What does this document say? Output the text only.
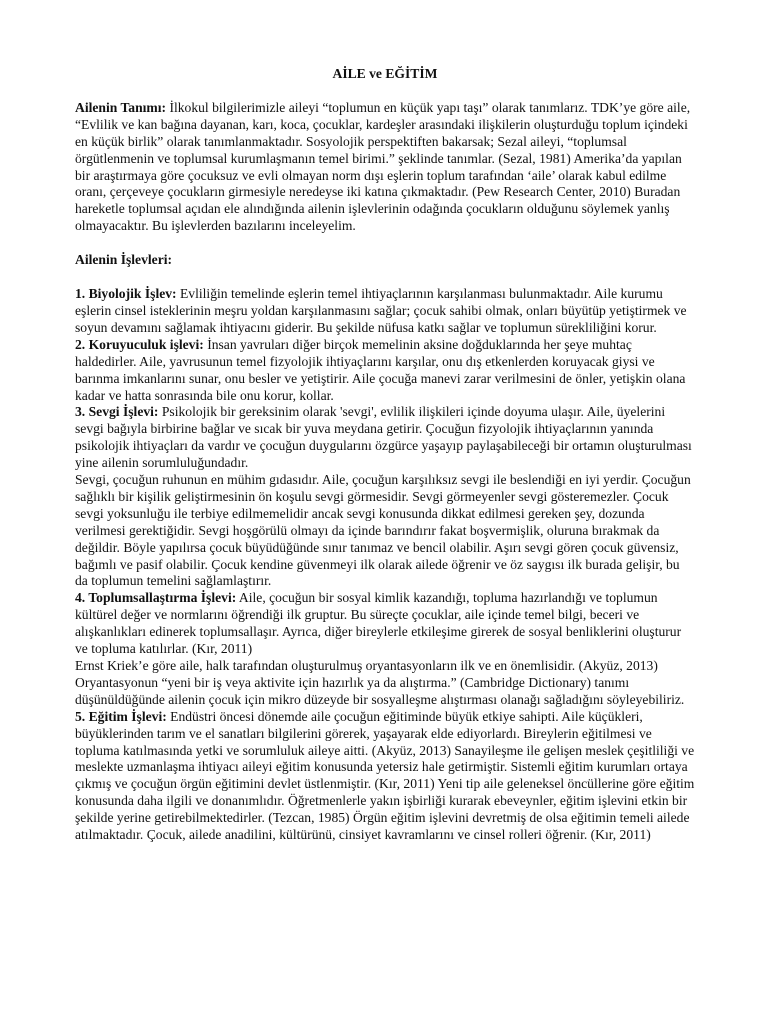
AİLE ve EĞİTİM

Ailenin Tanımı: İlkokul bilgilerimizle aileyi “toplumun en küçük yapı taşı” olarak tanımlarız. TDK’ye göre aile, “Evlilik ve kan bağına dayanan, karı, koca, çocuklar, kardeşler arasındaki ilişkilerin oluşturduğu toplum içindeki en küçük birlik” olarak tanımlanmaktadır. Sosyolojik perspektiften bakarsak; Sezal aileyi, “toplumsal örgütlenmenin ve toplumsal kurumlaşmanın temel birimi.” şeklinde tanımlar. (Sezal, 1981) Amerika’da yapılan bir araştırmaya göre çocuksuz ve evli olmayan norm dışı eşlerin toplum tarafından ‘aile’ olarak kabul edilme oranı, çerçeveye çocukların girmesiyle neredeyse iki katına çıkmaktadır. (Pew Research Center, 2010) Buradan hareketle toplumsal açıdan ele alındığında ailenin işlevlerinin odağında çocukların olduğunu söylemek yanlış olmayacaktır. Bu işlevlerden bazılarını inceleyelim.

Ailenin İşlevleri:

1. Biyolojik İşlev: Evliliğin temelinde eşlerin temel ihtiyaçlarının karşılanması bulunmaktadır. Aile kurumu eşlerin cinsel isteklerinin meşru yoldan karşılanmasını sağlar; çocuk sahibi olmak, onları büyütüp yetiştirmek ve soyun devamını sağlamak ihtiyacını giderir. Bu şekilde nüfusa katkı sağlar ve toplumun sürekliliğini korur.

2. Koruyuculuk işlevi: İnsan yavruları diğer birçok memelinin aksine doğduklarında her şeye muhtaç haldedirler. Aile, yavrusunun temel fizyolojik ihtiyaçlarını karşılar, onu dış etkenlerden koruyacak giysi ve barınma imkanlarını sunar, onu besler ve yetiştirir. Aile çocuğa manevi zarar verilmesini de önler, yetişkin olana kadar ve hatta sonrasında bile onu korur, kollar.

3. Sevgi İşlevi: Psikolojik bir gereksinim olarak 'sevgi', evlilik ilişkileri içinde doyuma ulaşır. Aile, üyelerini sevgi bağıyla birbirine bağlar ve sıcak bir yuva meydana getirir. Çocuğun fizyolojik ihtiyaçlarının yanında psikolojik ihtiyaçları da vardır ve çocuğun duygularını özgürce yaşayıp paylaşabileceği bir ortamın oluşturulması yine ailenin sorumluluğundadır.

Sevgi, çocuğun ruhunun en mühim gıdasıdır. Aile, çocuğun karşılıksız sevgi ile beslendiği en iyi yerdir. Çocuğun sağlıklı bir kişilik geliştirmesinin ön koşulu sevgi görmesidir. Sevgi görmeyenler sevgi gösteremezler. Çocuk sevgi yoksunluğu ile terbiye edilmemelidir ancak sevgi konusunda dikkat edilmesi gereken şey, dozunda verilmesi gerektiğidir. Sevgi hoşgörülü olmayı da içinde barındırır fakat boşvermişlik, oluruna bırakmak da değildir. Böyle yapılırsa çocuk büyüdüğünde sınır tanımaz ve bencil olabilir. Aşırı sevgi gören çocuk güvensiz, bağımlı ve pasif olabilir. Çocuk kendine güvenmeyi ilk olarak ailede öğrenir ve öz saygısı ilk burada gelişir, bu da toplumun temelini sağlamlaştırır.

4. Toplumsallaştırma İşlevi: Aile, çocuğun bir sosyal kimlik kazandığı, topluma hazırlandığı ve toplumun kültürel değer ve normlarını öğrendiği ilk gruptur. Bu süreçte çocuklar, aile içinde temel bilgi, beceri ve alışkanlıkları edinerek toplumsallaşır. Ayrıca, diğer bireylerle etkileşime girerek de sosyal benliklerini oluşturur ve topluma katılırlar. (Kır, 2011)

Ernst Kriek’e göre aile, halk tarafından oluşturulmuş oryantasyonların ilk ve en önemlisidir. (Akyüz, 2013) Oryantasyonun “yeni bir iş veya aktivite için hazırlık ya da alıştırma.” (Cambridge Dictionary) tanımı düşünüldüğünde ailenin çocuk için mikro düzeyde bir sosyalleşme alıştırması olanağı sağladığını söyleyebiliriz.

5. Eğitim İşlevi: Endüstri öncesi dönemde aile çocuğun eğitiminde büyük etkiye sahipti. Aile küçükleri, büyüklerinden tarım ve el sanatları bilgilerini görerek, yaşayarak elde ediyorlardı. Bireylerin eğitilmesi ve topluma katılmasında yetki ve sorumluluk aileye aitti. (Akyüz, 2013) Sanayileşme ile gelişen meslek çeşitliliği ve meslekte uzmanlaşma ihtiyacı aileyi eğitim konusunda yetersiz hale getirmiştir. Sistemli eğitim kurumları ortaya çıkmış ve çocuğun örgün eğitimini devlet üstlenmiştir. (Kır, 2011) Yeni tip aile geleneksel öncüllerine göre eğitim konusunda daha ilgili ve donanımlıdır. Öğretmenlerle yakın işbirliği kurarak ebeveynler, eğitim işlevini etkin bir şekilde yerine getirebilmektedirler. (Tezcan, 1985) Örgün eğitim işlevini devretmiş de olsa eğitimin temeli ailede atılmaktadır. Çocuk, ailede anadilini, kültürünü, cinsiyet kavramlarını ve cinsel rolleri öğrenir. (Kır, 2011)
